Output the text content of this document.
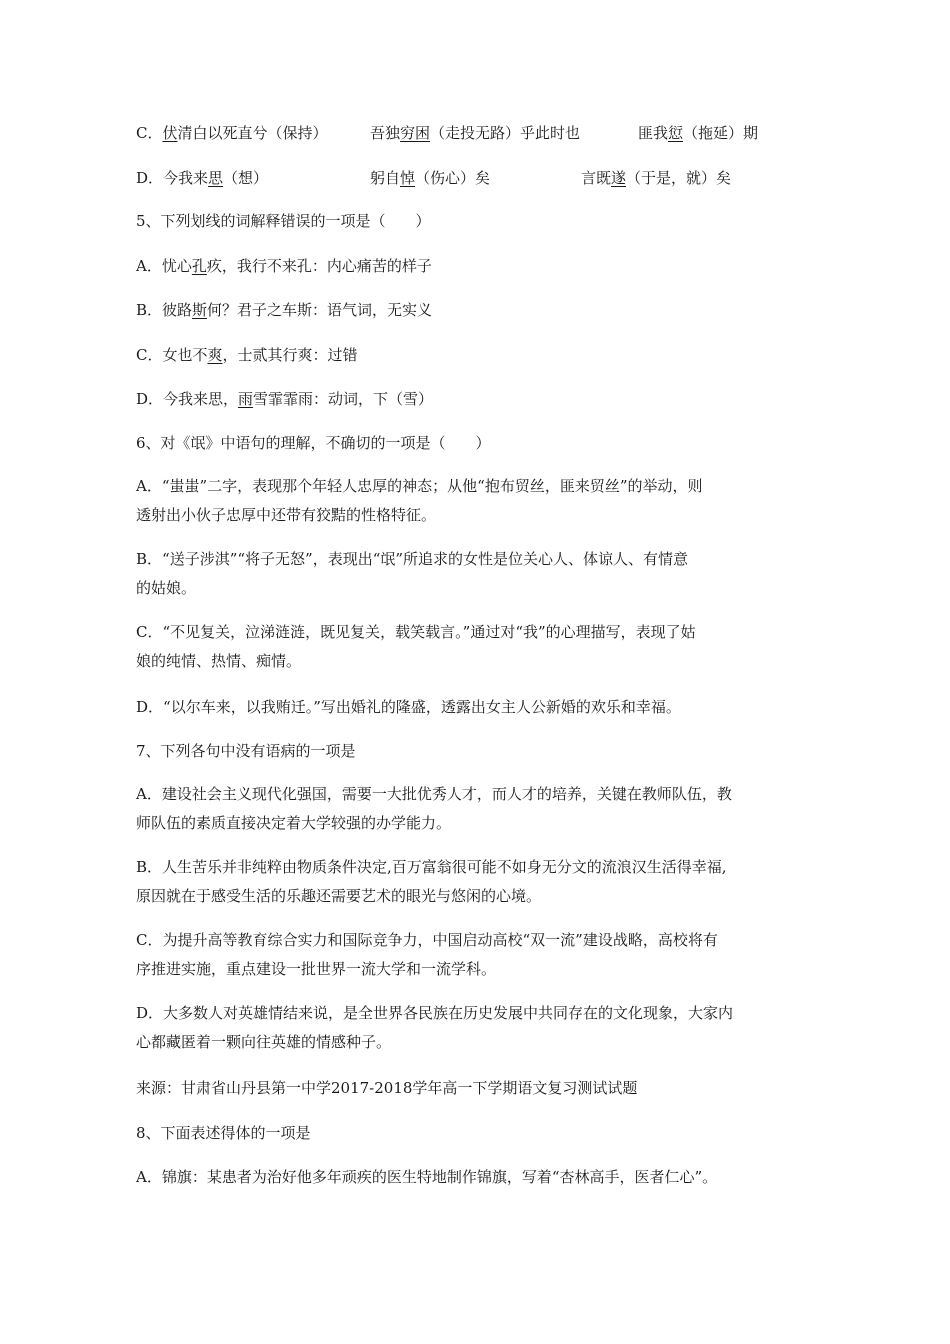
C．伏清白以死直兮（保持）	吾独穷困（走投无路）乎此时也	匪我愆（拖延）期
D．今我来思（想）	躬自悼（伤心）矣	言既遂（于是，就）矣
5、下列划线的词解释错误的一项是（　　）
A．忧心孔疚，我行不来孔：内心痛苦的样子
B．彼路斯何？君子之车斯：语气词，无实义
C．女也不爽，士贰其行爽：过错
D．今我来思，雨雪霏霏雨：动词，下（雪）
6、对《氓》中语句的理解，不确切的一项是（　　）
A．“蚩蚩”二字，表现那个年轻人忠厚的神态；从他“抱布贸丝，匪来贸丝”的举动，则
透射出小伙子忠厚中还带有狡黠的性格特征。
B．“送子涉淇”“将子无怒”，表现出“氓”所追求的女性是位关心人、体谅人、有情意
的姑娘。
C．“不见复关，泣涕涟涟，既见复关，载笑载言。”通过对“我”的心理描写，表现了姑
娘的纯情、热情、痴情。
D．“以尔车来，以我贿迁。”写出婚礼的隆盛，透露出女主人公新婚的欢乐和幸福。
7、下列各句中没有语病的一项是
A．建设社会主义现代化强国，需要一大批优秀人才，而人才的培养，关键在教师队伍，教
师队伍的素质直接决定着大学较强的办学能力。
B．人生苦乐并非纯粹由物质条件决定,百万富翁很可能不如身无分文的流浪汉生活得幸福,
原因就在于感受生活的乐趣还需要艺术的眼光与悠闲的心境。
C．为提升高等教育综合实力和国际竞争力，中国启动高校“双一流”建设战略，高校将有
序推进实施，重点建设一批世界一流大学和一流学科。
D．大多数人对英雄情结来说，是全世界各民族在历史发展中共同存在的文化现象，大家内
心都藏匿着一颗向往英雄的情感种子。
来源：甘肃省山丹县第一中学2017-2018学年高一下学期语文复习测试试题
8、下面表述得体的一项是
A．锦旗：某患者为治好他多年顽疾的医生特地制作锦旗，写着“杏林高手，医者仁心”。
